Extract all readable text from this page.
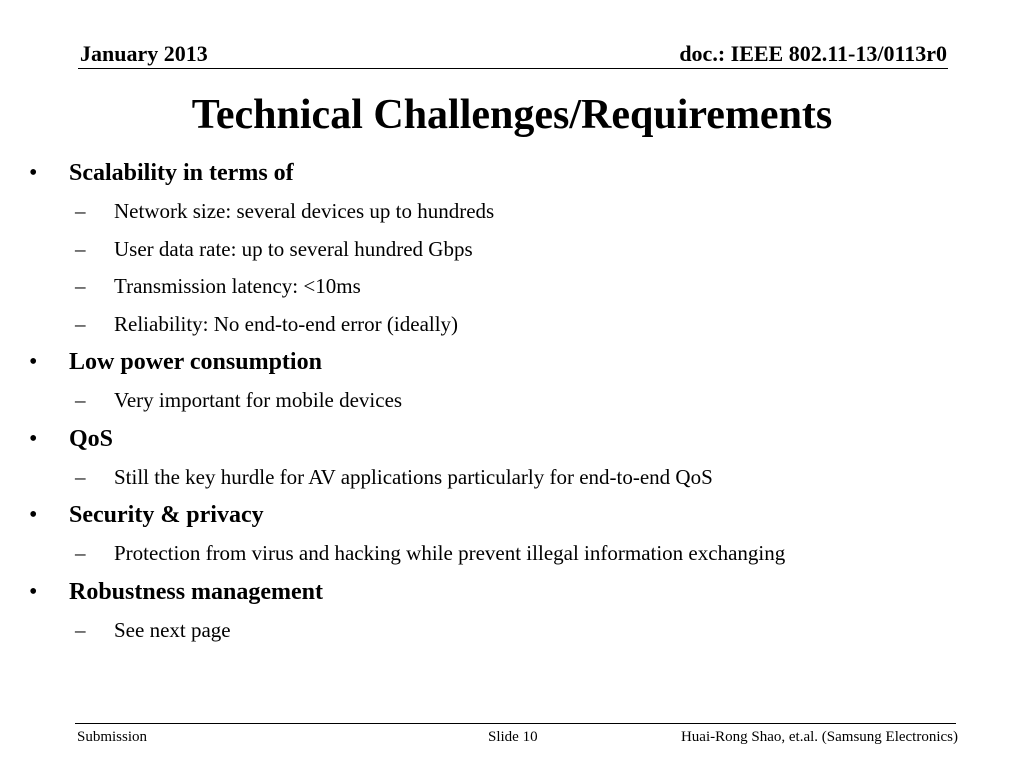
January 2013	doc.: IEEE 802.11-13/0113r0
Technical Challenges/Requirements
• Scalability in terms of
– Network size: several devices up to hundreds
– User data rate: up to several hundred Gbps
– Transmission latency: <10ms
– Reliability: No end-to-end error (ideally)
• Low power consumption
– Very important for mobile devices
• QoS
– Still the key hurdle for AV applications particularly for end-to-end QoS
• Security & privacy
– Protection from virus and hacking while prevent illegal information exchanging
• Robustness management
– See next page
Submission	Slide 10	Huai-Rong Shao, et.al. (Samsung Electronics)
